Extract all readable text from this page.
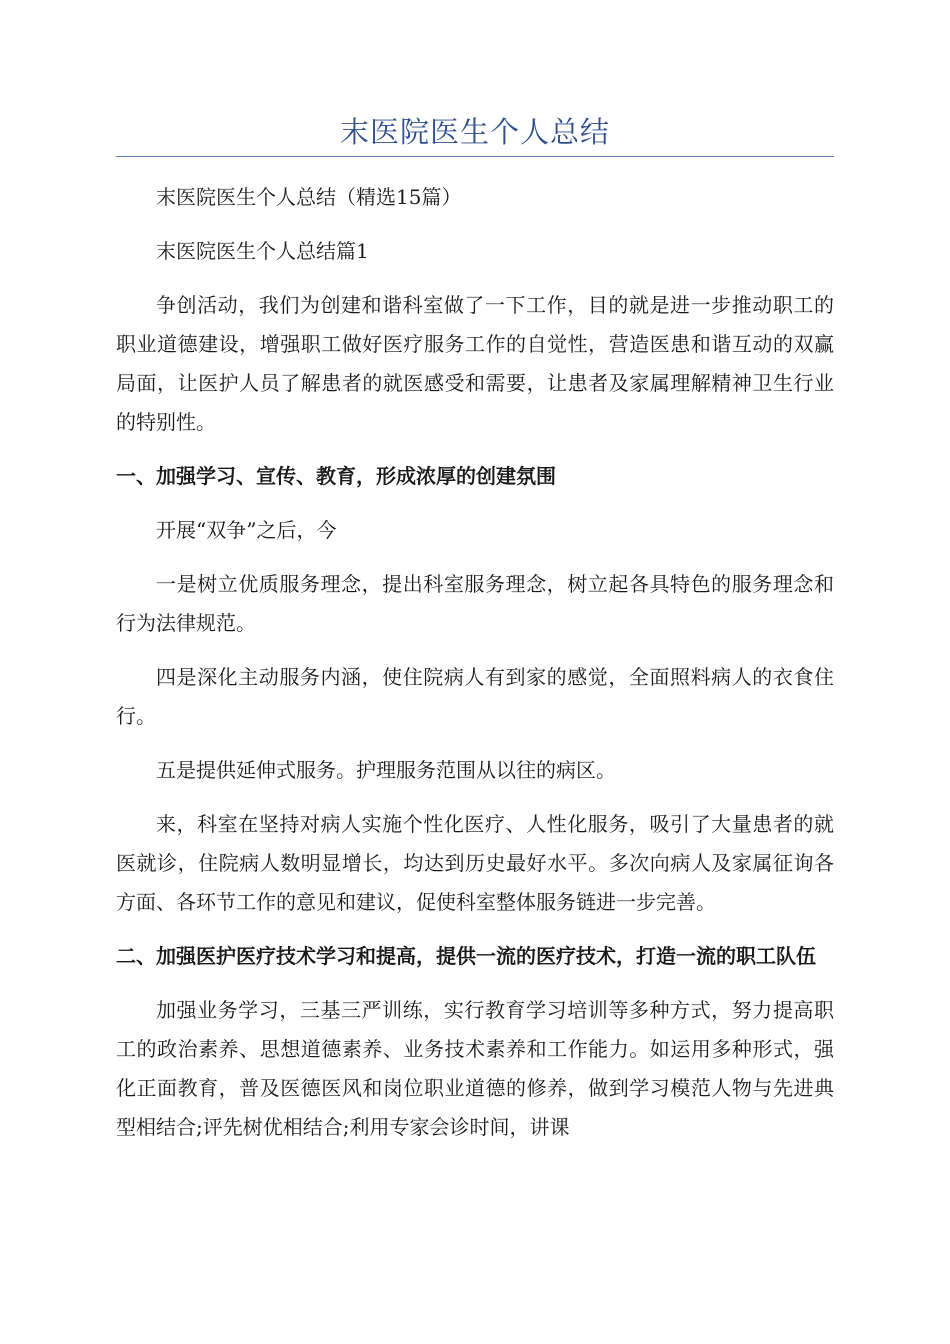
末医院医生个人总结

末医院医生个人总结（精选15篇）

末医院医生个人总结篇1

争创活动，我们为创建和谐科室做了一下工作，目的就是进一步推动职工的职业道德建设，增强职工做好医疗服务工作的自觉性，营造医患和谐互动的双赢局面，让医护人员了解患者的就医感受和需要，让患者及家属理解精神卫生行业的特别性。

一、加强学习、宣传、教育，形成浓厚的创建氛围

开展“双争”之后，今

一是树立优质服务理念，提出科室服务理念，树立起各具特色的服务理念和行为法律规范。

四是深化主动服务内涵，使住院病人有到家的感觉，全面照料病人的衣食住行。

五是提供延伸式服务。护理服务范围从以往的病区。

来，科室在坚持对病人实施个性化医疗、人性化服务，吸引了大量患者的就医就诊，住院病人数明显增长，均达到历史最好水平。多次向病人及家属征询各方面、各环节工作的意见和建议，促使科室整体服务链进一步完善。

二、加强医护医疗技术学习和提高，提供一流的医疗技术，打造一流的职工队伍

加强业务学习，三基三严训练，实行教育学习培训等多种方式，努力提高职工的政治素养、思想道德素养、业务技术素养和工作能力。如运用多种形式，强化正面教育，普及医德医风和岗位职业道德的修养，做到学习模范人物与先进典型相结合;评先树优相结合;利用专家会诊时间，讲课
